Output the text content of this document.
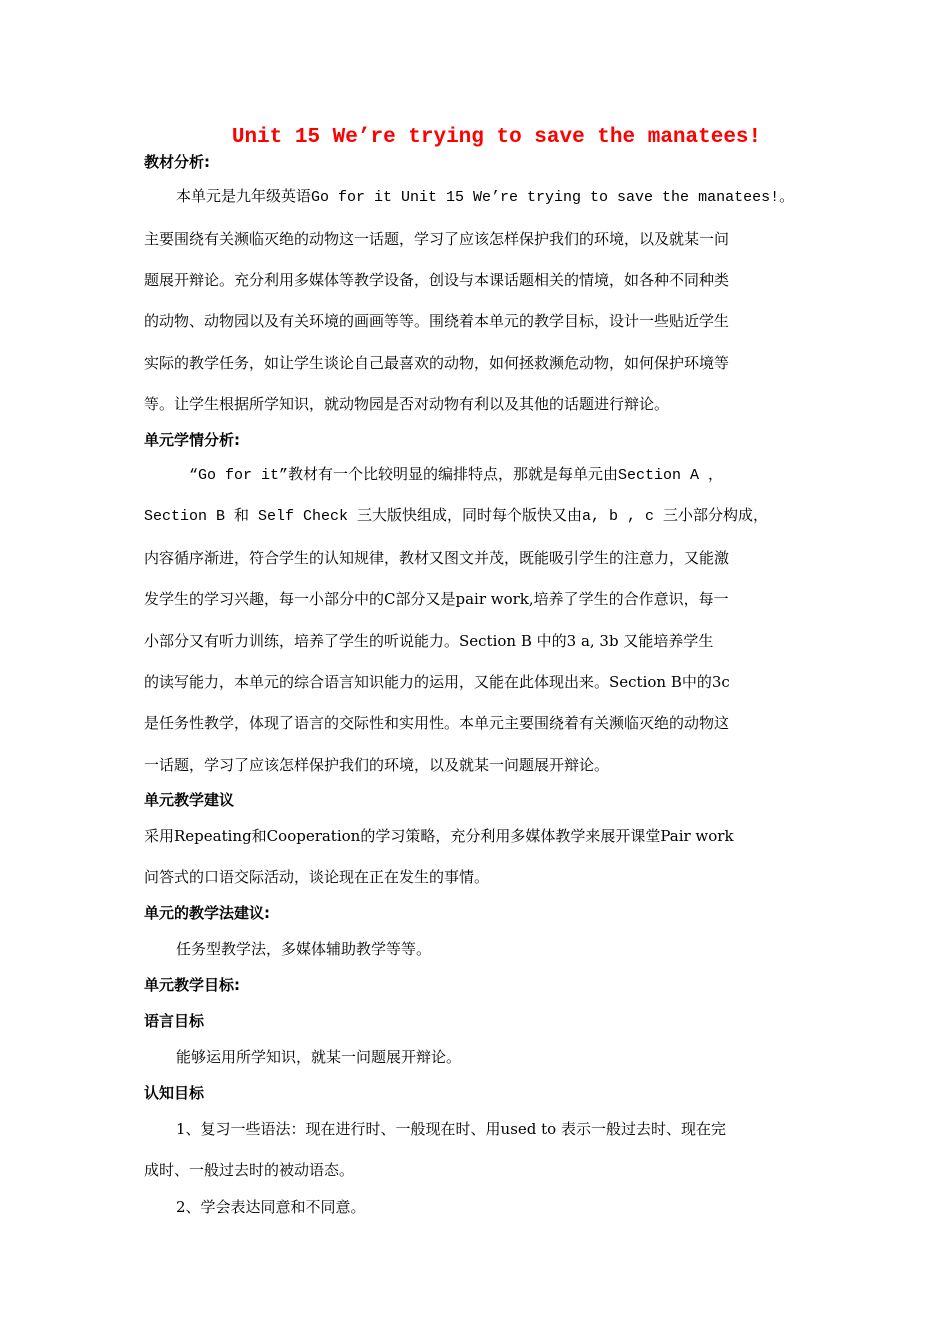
Unit 15 We’re trying to save the manatees!
教材分析:
本单元是九年级英语Go for it Unit 15 We’re trying to save the manatees!。
主要围绕有关濒临灭绝的动物这一话题，学习了应该怎样保护我们的环境，以及就某一问
题展开辩论。充分利用多媒体等教学设备，创设与本课话题相关的情境，如各种不同种类
的动物、动物园以及有关环境的画画等等。围绕着本单元的教学目标，设计一些贴近学生
实际的教学任务，如让学生谈论自己最喜欢的动物，如何拯救濒危动物，如何保护环境等
等。让学生根据所学知识，就动物园是否对动物有利以及其他的话题进行辩论。
单元学情分析:
“Go for it”教材有一个比较明显的编排特点，那就是每单元由Section A ，
Section B 和 Self Check 三大版快组成，同时每个版快又由a, b , c 三小部分构成，
内容循序渐进，符合学生的认知规律，教材又图文并茂，既能吸引学生的注意力，又能激
发学生的学习兴趣，每一小部分中的C部分又是pair work,培养了学生的合作意识，每一
小部分又有听力训练，培养了学生的听说能力。Section B 中的3 a, 3b 又能培养学生
的读写能力，本单元的综合语言知识能力的运用，又能在此体现出来。Section B中的3c
是任务性教学，体现了语言的交际性和实用性。本单元主要围绕着有关濒临灭绝的动物这
一话题，学习了应该怎样保护我们的环境，以及就某一问题展开辩论。
单元教学建议
采用Repeating和Cooperation的学习策略，充分利用多媒体教学来展开课堂Pair work
问答式的口语交际活动，谈论现在正在发生的事情。
单元的教学法建议:
任务型教学法，多媒体辅助教学等等。
单元教学目标:
语言目标
能够运用所学知识，就某一问题展开辩论。
认知目标
1、复习一些语法：现在进行时、一般现在时、用used to 表示一般过去时、现在完
成时、一般过去时的被动语态。
2、学会表达同意和不同意。
